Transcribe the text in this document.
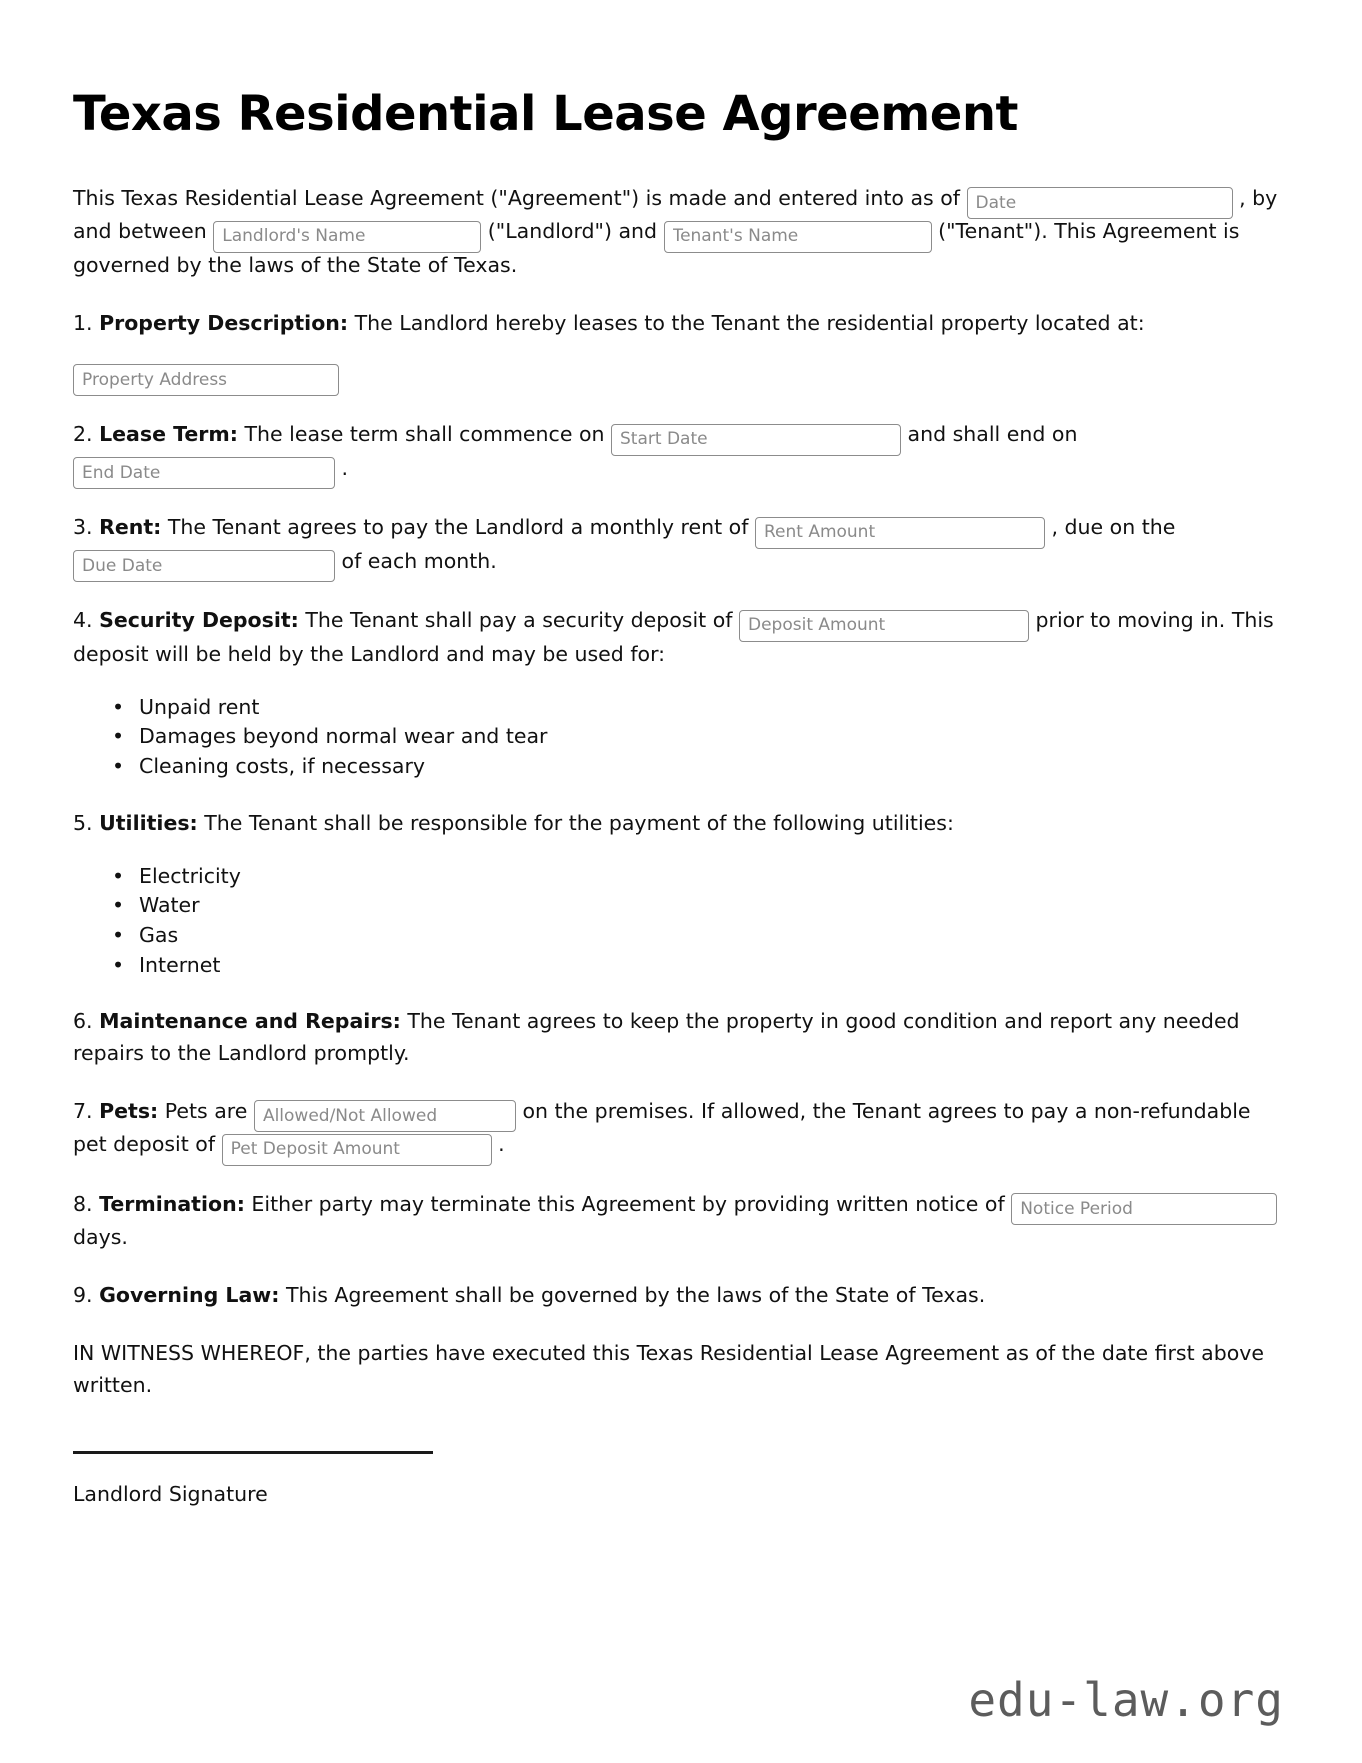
Texas Residential Lease Agreement

This Texas Residential Lease Agreement ("Agreement") is made and entered into as of Date	, by and between Landlord's Name	("Landlord") and Tenant's Name	("Tenant"). This Agreement is governed by the laws of the State of Texas.

1. Property Description: The Landlord hereby leases to the Tenant the residential property located at:

Property Address

2. Lease Term: The lease term shall commence on Start Date	and shall end on End Date .

3. Rent: The Tenant agrees to pay the Landlord a monthly rent of Rent Amount	, due on the Due Date of each month.

4. Security Deposit: The Tenant shall pay a security deposit of Deposit Amount	prior to moving in. This deposit will be held by the Landlord and may be used for:

• Unpaid rent
• Damages beyond normal wear and tear
• Cleaning costs, if necessary

5. Utilities: The Tenant shall be responsible for the payment of the following utilities:

• Electricity
• Water
• Gas
• Internet

6. Maintenance and Repairs: The Tenant agrees to keep the property in good condition and report any needed repairs to the Landlord promptly.

7. Pets: Pets are Allowed/Not Allowed	on the premises. If allowed, the Tenant agrees to pay a non-refundable pet deposit of Pet Deposit Amount	.

8. Termination: Either party may terminate this Agreement by providing written notice of Notice Period days.

9. Governing Law: This Agreement shall be governed by the laws of the State of Texas.

IN WITNESS WHEREOF, the parties have executed this Texas Residential Lease Agreement as of the date first above written.

Landlord Signature
edu-law.org
